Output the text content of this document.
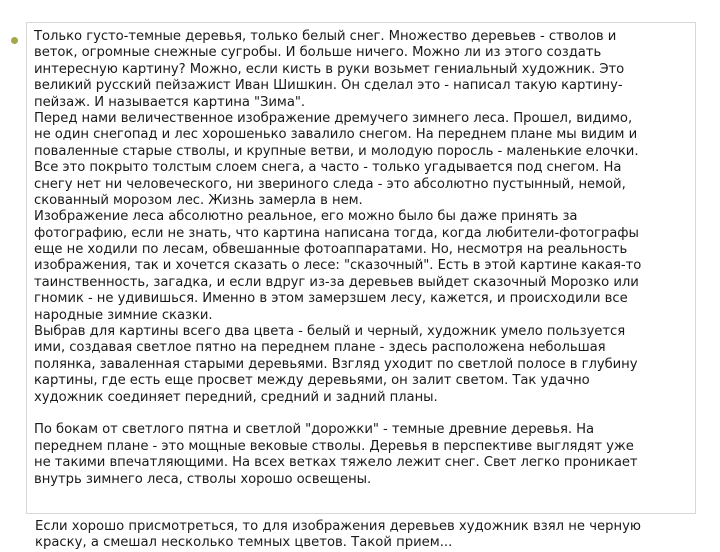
Только густо-темные деревья, только белый снег. Множество деревьев - стволов и
веток, огромные снежные сугробы. И больше ничего. Можно ли из этого создать
интересную картину? Можно, если кисть в руки возьмет гениальный художник. Это
великий русский пейзажист Иван Шишкин. Он сделал это - написал такую картину-
пейзаж. И называется картина "Зима".
Перед нами величественное изображение дремучего зимнего леса. Прошел, видимо,
не один снегопад и лес хорошенько завалило снегом. На переднем плане мы видим и
поваленные старые стволы, и крупные ветви, и молодую поросль - маленькие елочки.
Все это покрыто толстым слоем снега, а часто - только угадывается под снегом. На
снегу нет ни человеческого, ни звериного следа - это абсолютно пустынный, немой,
скованный морозом лес. Жизнь замерла в нем.
Изображение леса абсолютно реальное, его можно было бы даже принять за
фотографию, если не знать, что картина написана тогда, когда любители-фотографы
еще не ходили по лесам, обвешанные фотоаппаратами. Но, несмотря на реальность
изображения, так и хочется сказать о лесе: "сказочный". Есть в этой картине какая-то
таинственность, загадка, и если вдруг из-за деревьев выйдет сказочный Морозко или
гномик - не удивишься. Именно в этом замерзшем лесу, кажется, и происходили все
народные зимние сказки.
Выбрав для картины всего два цвета - белый и черный, художник умело пользуется
ими, создавая светлое пятно на переднем плане - здесь расположена небольшая
полянка, заваленная старыми деревьями. Взгляд уходит по светлой полосе в глубину
картины, где есть еще просвет между деревьями, он залит светом. Так удачно
художник соединяет передний, средний и задний планы.
По бокам от светлого пятна и светлой "дорожки" - темные древние деревья. На
переднем плане - это мощные вековые стволы. Деревья в перспективе выглядят уже
не такими впечатляющими. На всех ветках тяжело лежит снег. Свет легко проникает
внутрь зимнего леса, стволы хорошо освещены.
Если хорошо присмотреться, то для изображения деревьев художник взял не черную
краску, а смешал несколько темных цветов. Такой прием...
